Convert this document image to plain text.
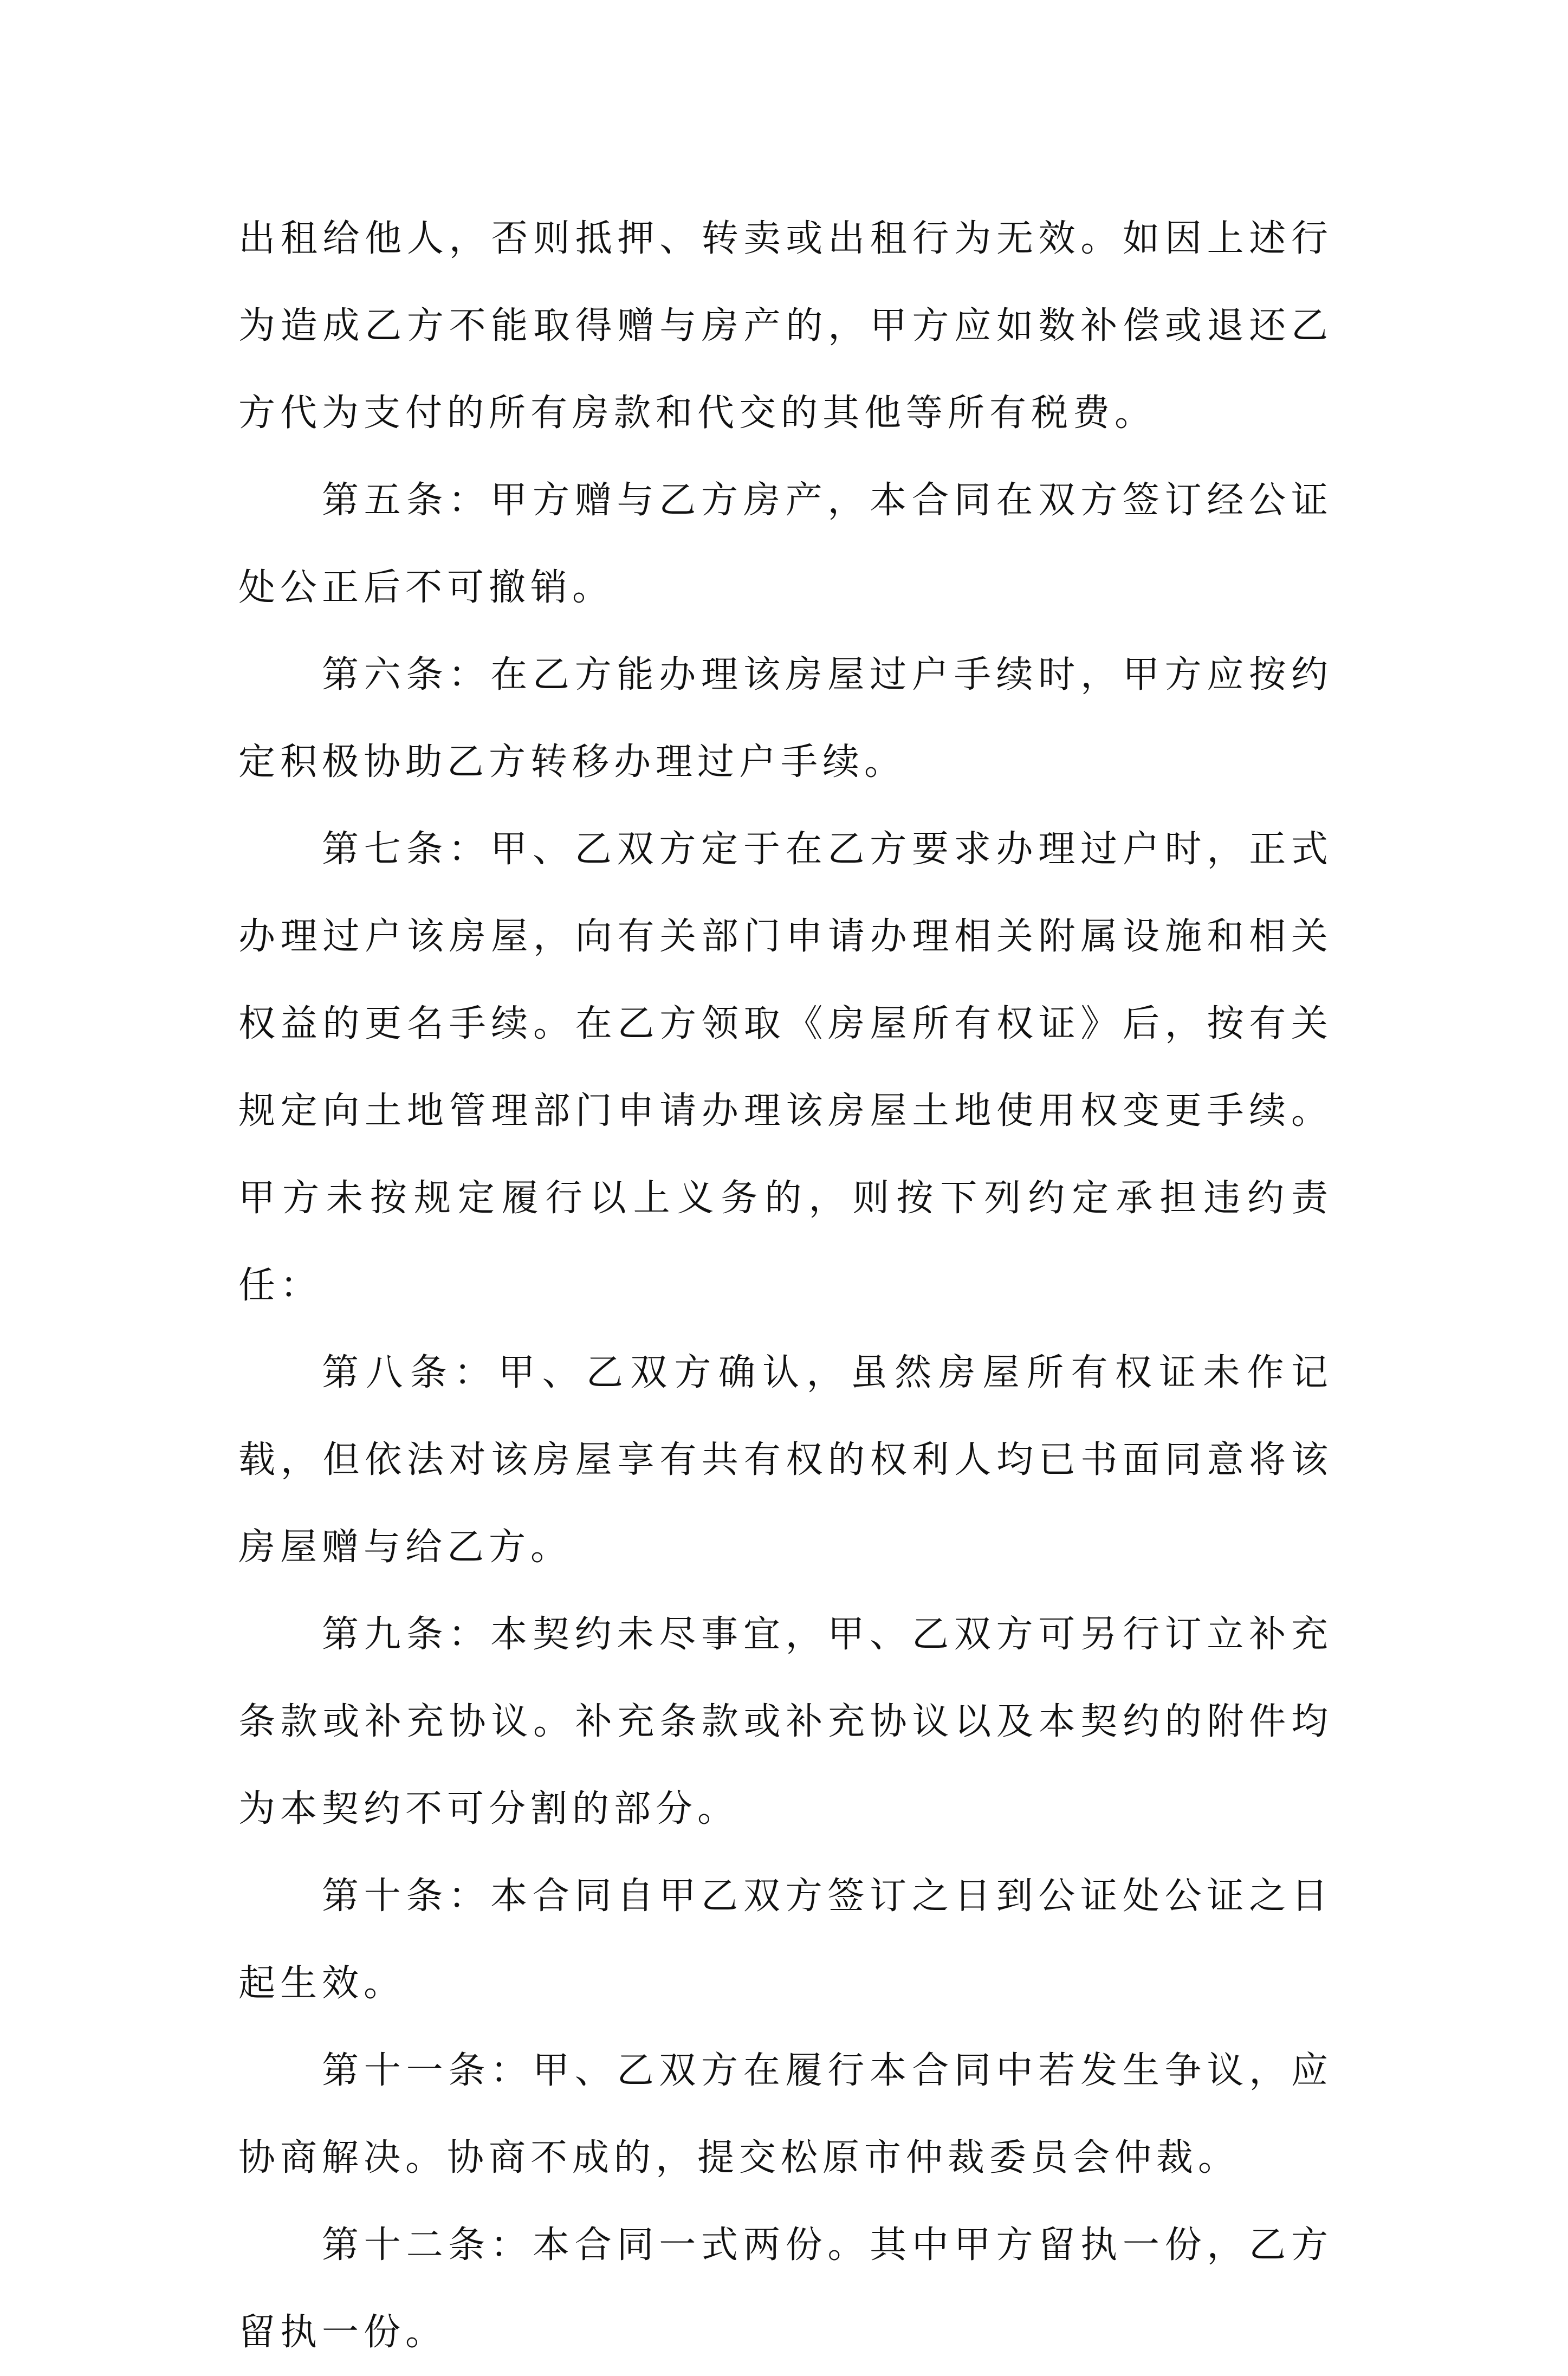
出租给他人，否则抵押、转卖或出租行为无效。如因上述行为造成乙方不能取得赠与房产的，甲方应如数补偿或退还乙方代为支付的所有房款和代交的其他等所有税费。

第五条：甲方赠与乙方房产，本合同在双方签订经公证处公正后不可撤销。

第六条：在乙方能办理该房屋过户手续时，甲方应按约定积极协助乙方转移办理过户手续。

第七条：甲、乙双方定于在乙方要求办理过户时，正式办理过户该房屋，向有关部门申请办理相关附属设施和相关权益的更名手续。在乙方领取《房屋所有权证》后，按有关规定向土地管理部门申请办理该房屋土地使用权变更手续。甲方未按规定履行以上义务的，则按下列约定承担违约责任：

第八条：甲、乙双方确认，虽然房屋所有权证未作记载，但依法对该房屋享有共有权的权利人均已书面同意将该房屋赠与给乙方。

第九条：本契约未尽事宜，甲、乙双方可另行订立补充条款或补充协议。补充条款或补充协议以及本契约的附件均为本契约不可分割的部分。

第十条：本合同自甲乙双方签订之日到公证处公证之日起生效。

第十一条：甲、乙双方在履行本合同中若发生争议，应协商解决。协商不成的，提交松原市仲裁委员会仲裁。

第十二条：本合同一式两份。其中甲方留执一份，乙方留执一份。
